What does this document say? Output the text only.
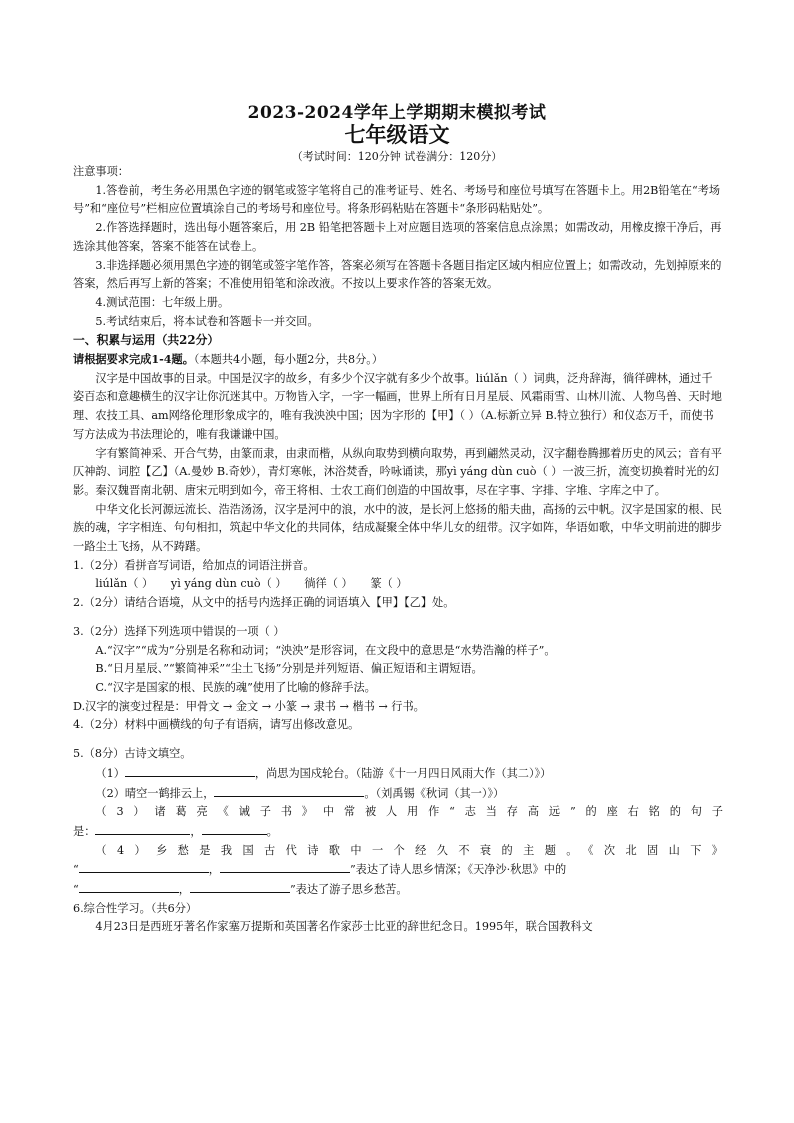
2023-2024学年上学期期末模拟考试
七年级语文
（考试时间：120分钟 试卷满分：120分）

注意事项：

1.答卷前，考生务必用黑色字迹的钢笔或签字笔将自己的准考证号、姓名、考场号和座位号填写在答题卡上。用2B铅笔在“考场号”和“座位号”栏相应位置填涂自己的考场号和座位号。将条形码粘贴在答题卡“条形码粘贴处”。

2.作答选择题时，选出每小题答案后，用 2B 铅笔把答题卡上对应题目选项的答案信息点涂黑；如需改动，用橡皮擦干净后，再选涂其他答案，答案不能答在试卷上。

3.非选择题必须用黑色字迹的钢笔或签字笔作答，答案必须写在答题卡各题目指定区域内相应位置上；如需改动，先划掉原来的答案，然后再写上新的答案；不准使用铅笔和涂改液。不按以上要求作答的答案无效。

4.测试范围：七年级上册。

5.考试结束后，将本试卷和答题卡一并交回。

一、积累与运用（共22分）

请根据要求完成1-4题。（本题共4小题，每小题2分，共8分。）

汉字是中国故事的目录。中国是汉字的故乡，有多少个汉字就有多少个故事。liúlǎn（ ）词典，泛舟辞海，徜徉碑林，通过千姿百态和意趣横生的汉字让你沉迷其中。万物皆入字，一字一幅画，世界上所有日月星辰、风霜雨雪、山林川流、人物鸟兽、天时地理、农技工具、am网络伦理形象成字的，唯有我泱泱中国；因为字形的【甲】（ ）（A.标新立异 B.特立独行）和仪态万千，而使书写方法成为书法理论的，唯有我谦谦中国。

字有繁简神采、开合气势，由篆而隶，由隶而楷，从纵向取势到横向取势，再到翩然灵动，汉字翻卷腾挪着历史的风云；音有平仄神韵、词腔【乙】（A.曼妙 B.奇妙），青灯寒帐，沐浴焚香，吟咏诵读，那yì yáng dùn cuò（ ）一波三折，流变切换着时光的幻影。秦汉魏晋南北朝、唐宋元明到如今，帝王将相、士农工商们创造的中国故事，尽在字事、字排、字堆、字库之中了。

中华文化长河源远流长、浩浩汤汤，汉字是河中的浪，水中的波，是长河上悠扬的船夫曲，高扬的云中帆。汉字是国家的根、民族的魂，字字相连、句句相扣，筑起中华文化的共同体，结成凝聚全体中华儿女的纽带。汉字如阵，华语如歌，中华文明前进的脚步一路尘土飞扬，从不踌躇。

1.（2分）看拼音写词语，给加点的词语注拼音。

liúlǎn（ ） yì yáng dùn cuò（ ） 徜徉（ ） 篆（ ）

2.（2分）请结合语境，从文中的括号内选择正确的词语填入【甲】【乙】处。

3.（2分）选择下列选项中错误的一项（ ）

A.“汉字”“成为”分别是名称和动词；“泱泱”是形容词，在文段中的意思是“水势浩瀚的样子”。

B.“日月星辰、”“繁简神采”“尘土飞扬”分别是并列短语、偏正短语和主谓短语。

C.“汉字是国家的根、民族的魂”使用了比喻的修辞手法。

D.汉字的演变过程是：甲骨文 → 金文 → 小篆 → 隶书 → 楷书 → 行书。

4.（2分）材料中画横线的句子有语病，请写出修改意见。

5.（8分）古诗文填空。

（1）	，尚思为国戍轮台。（陆游《十一月四日风雨大作（其二）》）

（2）晴空一鹤排云上，	。（刘禹锡《秋词（其一）》）

（3）诸葛亮《诫子书》中常被人用作“志当存高远”的座右铭的句子

是：	，	。

（4）乡愁是我国古代诗歌中一个经久不衰的主题。《次北固山下》

“	，	”表达了诗人思乡情深；《天净沙·秋思》中的

“	，	”表达了游子思乡愁苦。

6.综合性学习。（共6分）

4月23日是西班牙著名作家塞万提斯和英国著名作家莎士比亚的辞世纪念日。1995年，联合国教科文
